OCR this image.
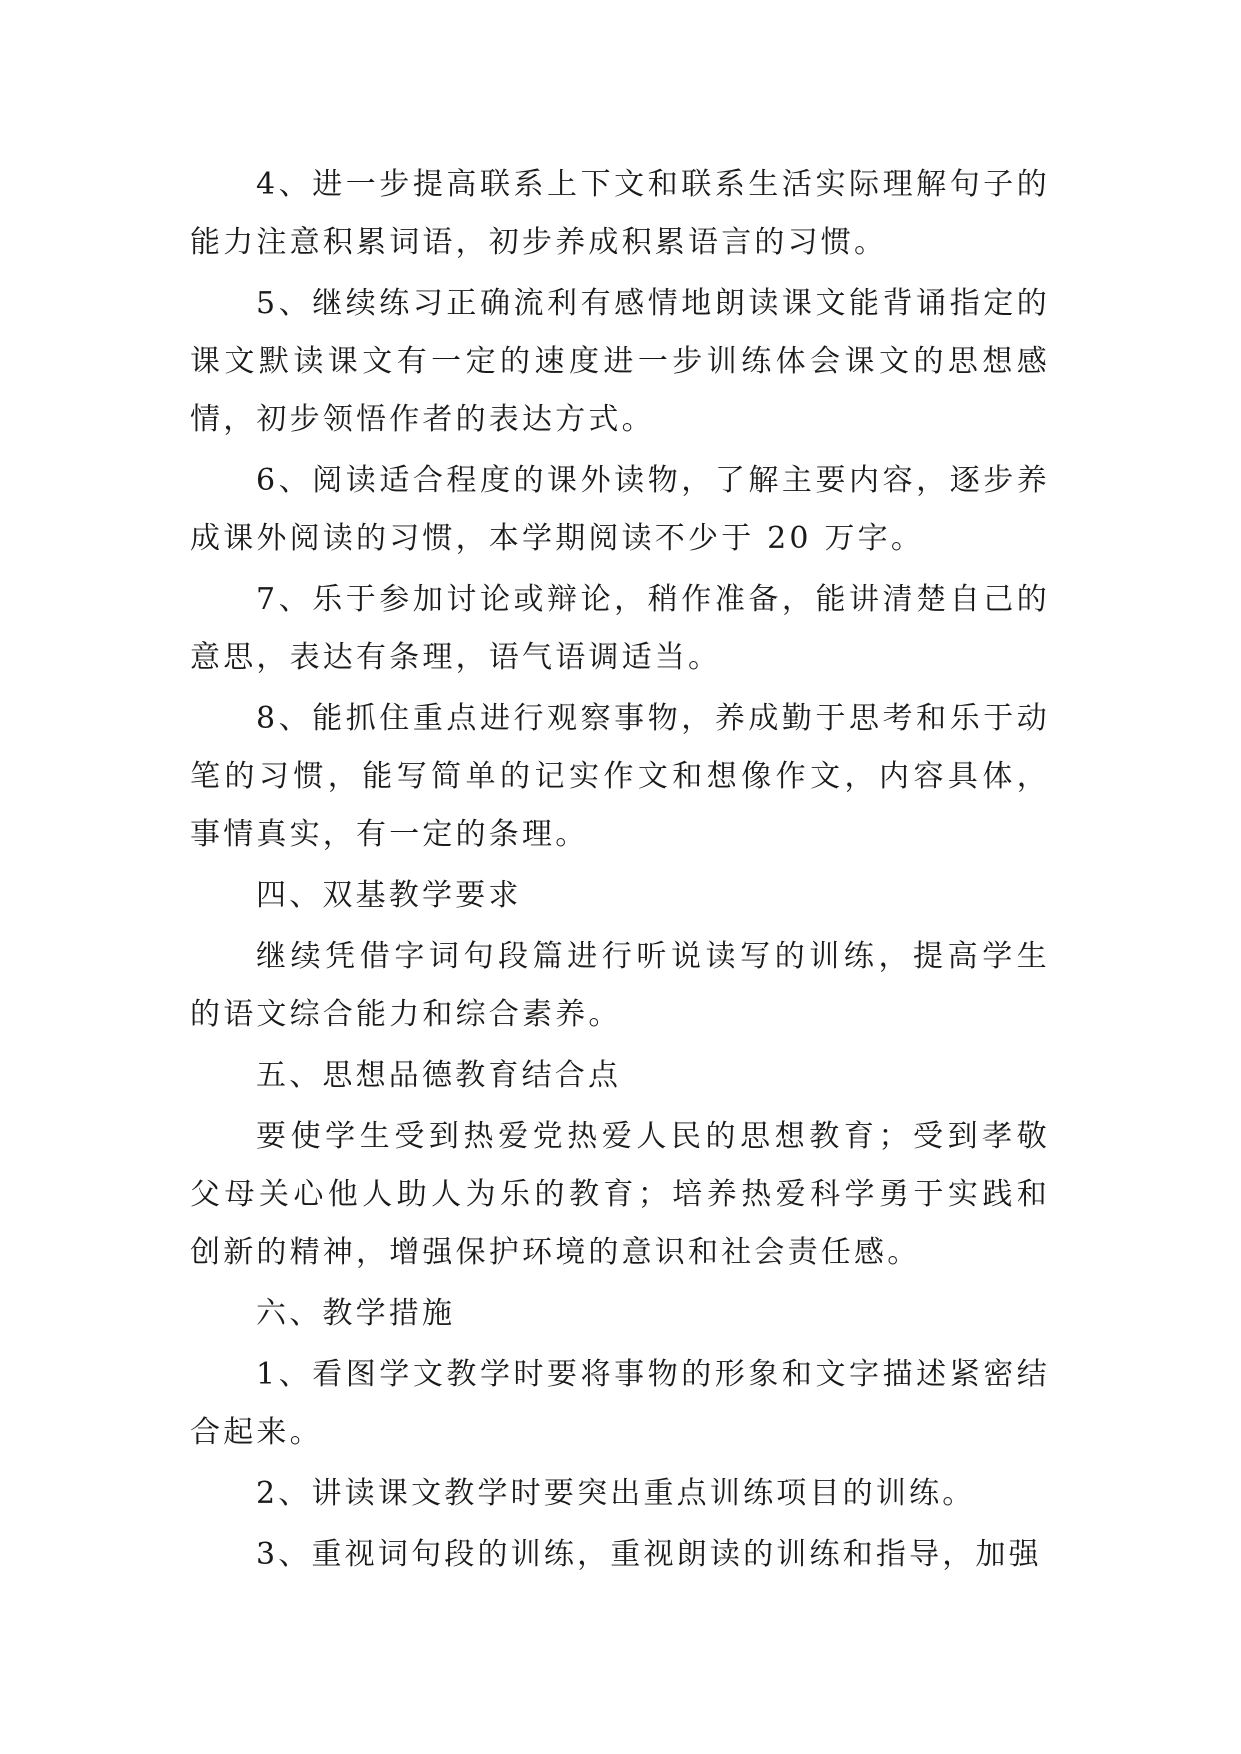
4、进一步提高联系上下文和联系生活实际理解句子的能力注意积累词语，初步养成积累语言的习惯。

5、继续练习正确流利有感情地朗读课文能背诵指定的课文默读课文有一定的速度进一步训练体会课文的思想感情，初步领悟作者的表达方式。

6、阅读适合程度的课外读物，了解主要内容，逐步养成课外阅读的习惯，本学期阅读不少于 20 万字。

7、乐于参加讨论或辩论，稍作准备，能讲清楚自己的意思，表达有条理，语气语调适当。

8、能抓住重点进行观察事物，养成勤于思考和乐于动笔的习惯，能写简单的记实作文和想像作文，内容具体，事情真实，有一定的条理。

四、双基教学要求

继续凭借字词句段篇进行听说读写的训练，提高学生的语文综合能力和综合素养。

五、思想品德教育结合点

要使学生受到热爱党热爱人民的思想教育；受到孝敬父母关心他人助人为乐的教育；培养热爱科学勇于实践和创新的精神，增强保护环境的意识和社会责任感。

六、教学措施

1、看图学文教学时要将事物的形象和文字描述紧密结合起来。

2、讲读课文教学时要突出重点训练项目的训练。

3、重视词句段的训练，重视朗读的训练和指导，加强
